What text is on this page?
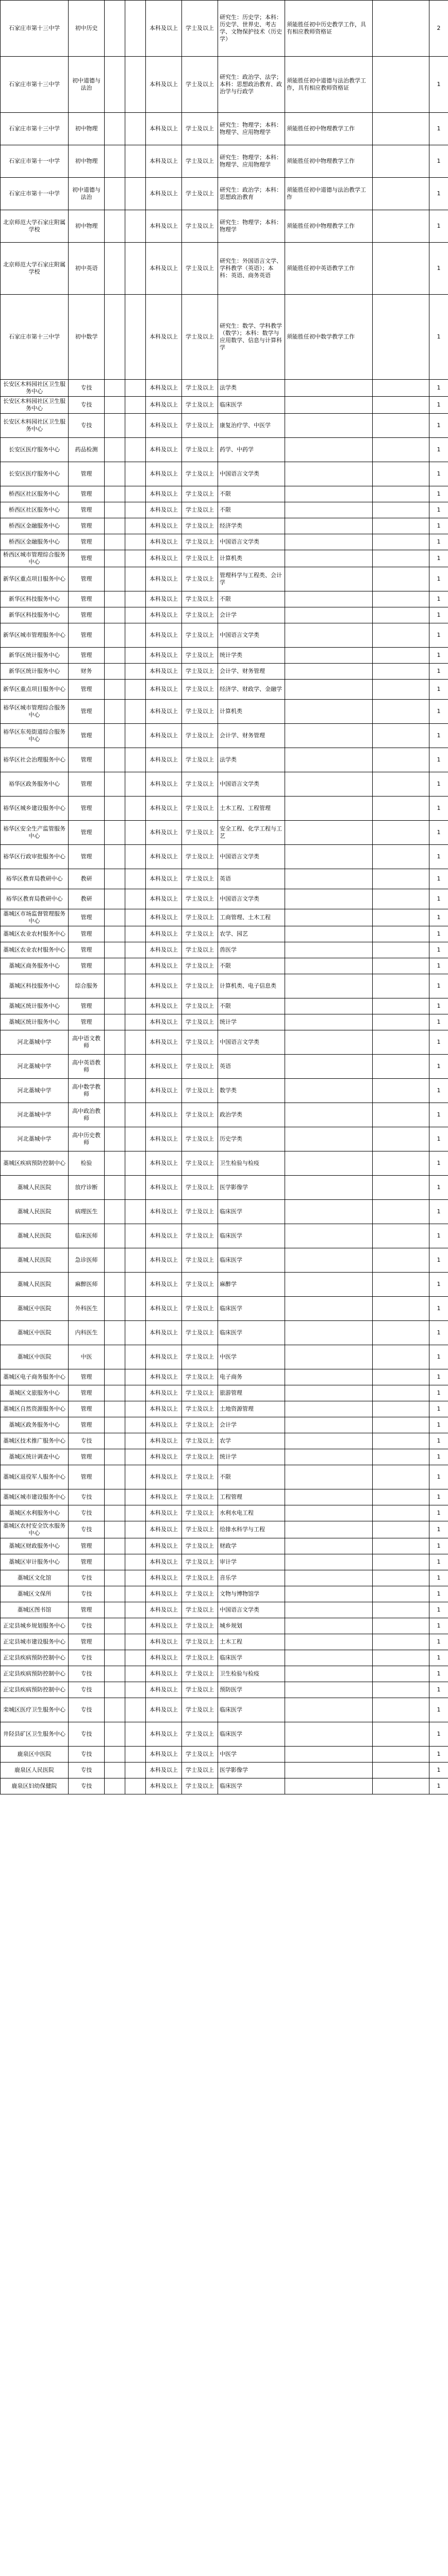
石家庄市第十三中学	初中历史			本科及以上	学士及以上	研究生：历史学；本科：历史学、世界史、考古学、文物保护技术（历史学）	须能胜任初中历史教学工作，具有相应教师资格证		2
石家庄市第十三中学	初中道德与法治			本科及以上	学士及以上	研究生：政治学、法学；本科：思想政治教育、政治学与行政学	须能胜任初中道德与法治教学工作，具有相应教师资格证		1
石家庄市第十三中学	初中物理			本科及以上	学士及以上	研究生：物理学；本科：物理学、应用物理学	须能胜任初中物理教学工作		1
石家庄市第十一中学	初中物理			本科及以上	学士及以上	研究生：物理学；本科：物理学、应用物理学	须能胜任初中物理教学工作		1
石家庄市第十一中学	初中道德与法治			本科及以上	学士及以上	研究生：政治学；本科：思想政治教育	须能胜任初中道德与法治教学工作		1
北京师范大学石家庄附属学校	初中物理			本科及以上	学士及以上	研究生：物理学；本科：物理学	须能胜任初中物理教学工作		1
北京师范大学石家庄附属学校	初中英语			本科及以上	学士及以上	研究生：外国语言文学、学科教学（英语）；本科：英语、商务英语	须能胜任初中英语教学工作		1
石家庄市第十三中学	初中数学			本科及以上	学士及以上	研究生：数学、学科教学（数学）；本科：数学与应用数学、信息与计算科学	须能胜任初中数学教学工作		1
长安区木料园社区卫生服务中心	专技			本科及以上	学士及以上	法学类			1
长安区木料园社区卫生服务中心	专技			本科及以上	学士及以上	临床医学			1
长安区木料园社区卫生服务中心	专技			本科及以上	学士及以上	康复治疗学、中医学			1
长安区医疗服务中心	药品检测			本科及以上	学士及以上	药学、中药学			1
长安区医疗服务中心	管理			本科及以上	学士及以上	中国语言文学类			1
桥西区社区服务中心	管理			本科及以上	学士及以上	不限			1
桥西区社区服务中心	管理			本科及以上	学士及以上	不限			1
桥西区金融服务中心	管理			本科及以上	学士及以上	经济学类			1
桥西区金融服务中心	管理			本科及以上	学士及以上	中国语言文学类			1
桥西区城市管理综合服务中心	管理			本科及以上	学士及以上	计算机类			1
新华区重点项目服务中心	管理			本科及以上	学士及以上	管理科学与工程类、会计学			1
新华区科技服务中心	管理			本科及以上	学士及以上	不限			1
新华区科技服务中心	管理			本科及以上	学士及以上	会计学			1
新华区城市管理服务中心	管理			本科及以上	学士及以上	中国语言文学类			1
新华区统计服务中心	管理			本科及以上	学士及以上	统计学类			1
新华区统计服务中心	财务			本科及以上	学士及以上	会计学、财务管理			1
新华区重点项目服务中心	管理			本科及以上	学士及以上	经济学、财政学、金融学			1
裕华区城市管理综合服务中心	管理			本科及以上	学士及以上	计算机类			1
裕华区东苑街道综合服务中心	管理			本科及以上	学士及以上	会计学、财务管理			1
裕华区社会治理服务中心	管理			本科及以上	学士及以上	法学类			1
裕华区政务服务中心	管理			本科及以上	学士及以上	中国语言文学类			1
裕华区城乡建设服务中心	管理			本科及以上	学士及以上	土木工程、工程管理			1
裕华区安全生产监管服务中心	管理			本科及以上	学士及以上	安全工程、化学工程与工艺			1
裕华区行政审批服务中心	管理			本科及以上	学士及以上	中国语言文学类			1
裕华区教育局教研中心	教研			本科及以上	学士及以上	英语			1
裕华区教育局教研中心	教研			本科及以上	学士及以上	中国语言文学类			1
藁城区市场监督管理服务中心	管理			本科及以上	学士及以上	工商管理、土木工程			1
藁城区农业农村服务中心	管理			本科及以上	学士及以上	农学、园艺			1
藁城区农业农村服务中心	管理			本科及以上	学士及以上	兽医学			1
藁城区商务服务中心	管理			本科及以上	学士及以上	不限			1
藁城区科技服务中心	综合服务			本科及以上	学士及以上	计算机类、电子信息类			1
藁城区统计服务中心	管理			本科及以上	学士及以上	不限			1
藁城区统计服务中心	管理			本科及以上	学士及以上	统计学			1
河北藁城中学	高中语文教师			本科及以上	学士及以上	中国语言文学类			1
河北藁城中学	高中英语教师			本科及以上	学士及以上	英语			1
河北藁城中学	高中数学教师			本科及以上	学士及以上	数学类			1
河北藁城中学	高中政治教师			本科及以上	学士及以上	政治学类			1
河北藁城中学	高中历史教师			本科及以上	学士及以上	历史学类			1
藁城区疾病预防控制中心	检验			本科及以上	学士及以上	卫生检验与检疫			1
藁城人民医院	放疗诊断			本科及以上	学士及以上	医学影像学			1
藁城人民医院	病理医生			本科及以上	学士及以上	临床医学			1
藁城人民医院	临床医师			本科及以上	学士及以上	临床医学			1
藁城人民医院	急诊医师			本科及以上	学士及以上	临床医学			1
藁城人民医院	麻醉医师			本科及以上	学士及以上	麻醉学			1
藁城区中医院	外科医生			本科及以上	学士及以上	临床医学			1
藁城区中医院	内科医生			本科及以上	学士及以上	临床医学			1
藁城区中医院	中医			本科及以上	学士及以上	中医学			1
藁城区电子商务服务中心	管理			本科及以上	学士及以上	电子商务			1
藁城区文旅服务中心	管理			本科及以上	学士及以上	旅游管理			1
藁城区自然资源服务中心	管理			本科及以上	学士及以上	土地资源管理			1
藁城区政务服务中心	管理			本科及以上	学士及以上	会计学			1
藁城区技术推广服务中心	专技			本科及以上	学士及以上	农学			1
藁城区统计调查中心	管理			本科及以上	学士及以上	统计学			1
藁城区退役军人服务中心	管理			本科及以上	学士及以上	不限			1
藁城区城市建设服务中心	专技			本科及以上	学士及以上	工程管理			1
藁城区水利服务中心	专技			本科及以上	学士及以上	水利水电工程			1
藁城区农村安全饮水服务中心	专技			本科及以上	学士及以上	给排水科学与工程			1
藁城区财政服务中心	管理			本科及以上	学士及以上	财政学			1
藁城区审计服务中心	管理			本科及以上	学士及以上	审计学			1
藁城区文化馆	专技			本科及以上	学士及以上	音乐学			1
藁城区文保所	专技			本科及以上	学士及以上	文物与博物馆学			1
藁城区图书馆	管理			本科及以上	学士及以上	中国语言文学类			1
正定县城乡规划服务中心	专技			本科及以上	学士及以上	城乡规划			1
正定县城市建设服务中心	管理			本科及以上	学士及以上	土木工程			1
正定县疾病预防控制中心	专技			本科及以上	学士及以上	临床医学			1
正定县疾病预防控制中心	专技			本科及以上	学士及以上	卫生检验与检疫			1
正定县疾病预防控制中心	专技			本科及以上	学士及以上	预防医学			1
栾城区医疗卫生服务中心	专技			本科及以上	学士及以上	临床医学			1
井陉县矿区卫生服务中心	专技			本科及以上	学士及以上	临床医学			1
鹿泉区中医院	专技			本科及以上	学士及以上	中医学			1
鹿泉区人民医院	专技			本科及以上	学士及以上	医学影像学			1
鹿泉区妇幼保健院	专技			本科及以上	学士及以上	临床医学			1
